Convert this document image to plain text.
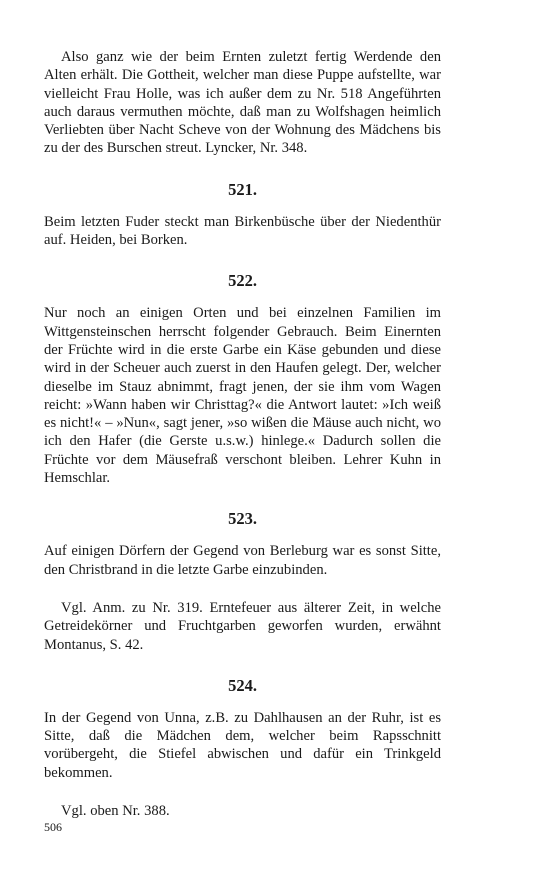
Also ganz wie der beim Ernten zuletzt fertig Werdende den Alten erhält. Die Gottheit, welcher man diese Puppe aufstellte, war vielleicht Frau Holle, was ich außer dem zu Nr. 518 Angeführten auch daraus vermuthen möchte, daß man zu Wolfshagen heimlich Verliebten über Nacht Scheve von der Wohnung des Mädchens bis zu der des Burschen streut. Lyncker, Nr. 348.

521.

Beim letzten Fuder steckt man Birkenbüsche über der Niedenthür auf. Heiden, bei Borken.

522.

Nur noch an einigen Orten und bei einzelnen Familien im Wittgensteinschen herrscht folgender Gebrauch. Beim Einernten der Früchte wird in die erste Garbe ein Käse gebunden und diese wird in der Scheuer auch zuerst in den Haufen gelegt. Der, welcher dieselbe im Stauz abnimmt, fragt jenen, der sie ihm vom Wagen reicht: »Wann haben wir Christtag?« die Antwort lautet: »Ich weiß es nicht!« – »Nun«, sagt jener, »so wißen die Mäuse auch nicht, wo ich den Hafer (die Gerste u.s.w.) hinlege.« Dadurch sollen die Früchte vor dem Mäusefraß verschont bleiben. Lehrer Kuhn in Hemschlar.

523.

Auf einigen Dörfern der Gegend von Berleburg war es sonst Sitte, den Christbrand in die letzte Garbe einzubinden.

Vgl. Anm. zu Nr. 319. Erntefeuer aus älterer Zeit, in welche Getreidekörner und Fruchtgarben geworfen wurden, erwähnt Montanus, S. 42.

524.

In der Gegend von Unna, z.B. zu Dahlhausen an der Ruhr, ist es Sitte, daß die Mädchen dem, welcher beim Rapsschnitt vorübergeht, die Stiefel abwischen und dafür ein Trinkgeld bekommen.

Vgl. oben Nr. 388.

506
